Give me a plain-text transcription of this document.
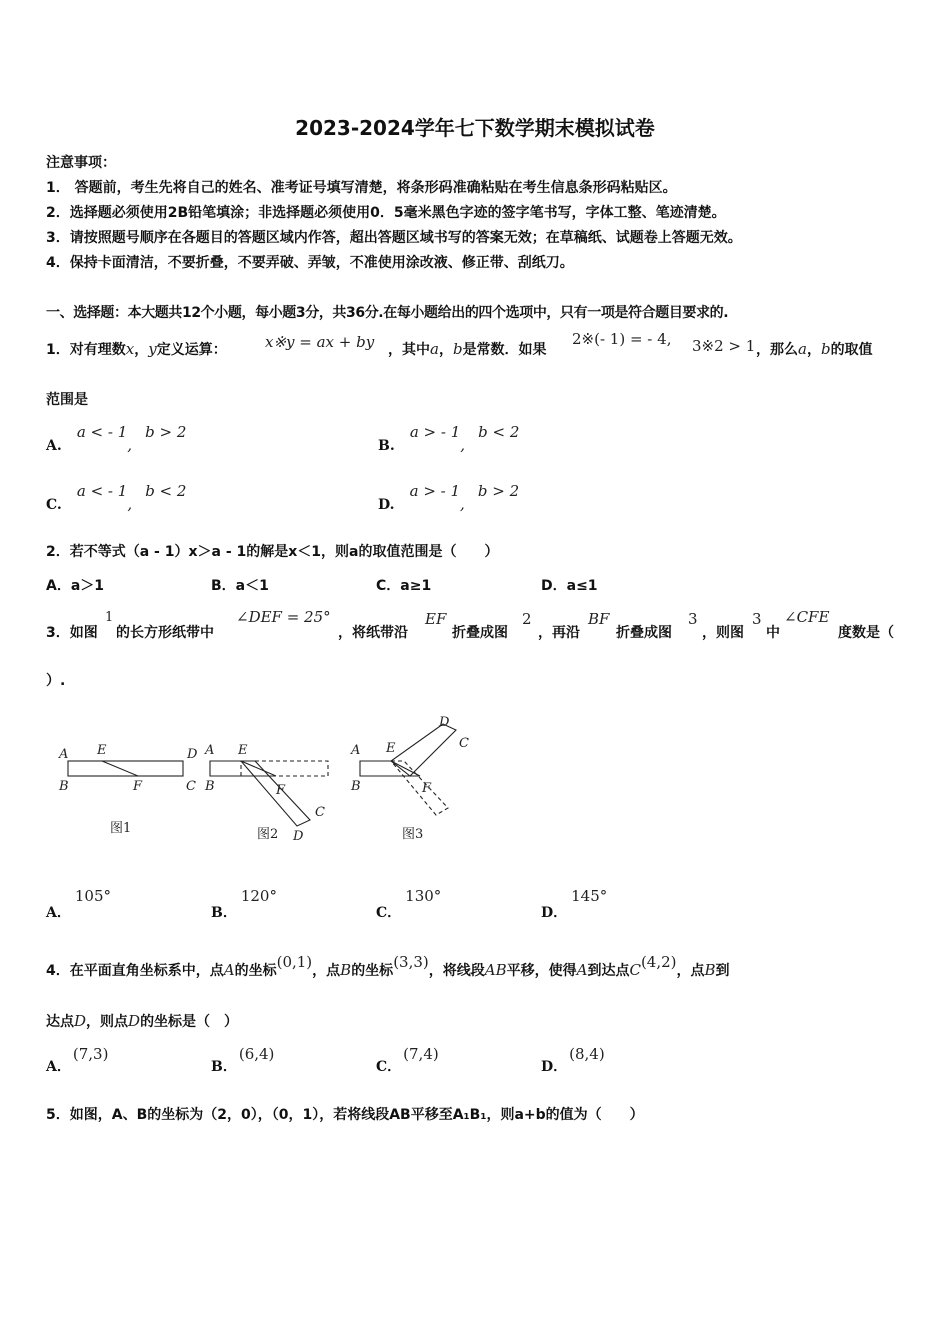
2023-2024学年七下数学期末模拟试卷
注意事项：
1． 答题前，考生先将自己的姓名、准考证号填写清楚，将条形码准确粘贴在考生信息条形码粘贴区。
2．选择题必须使用2B铅笔填涂；非选择题必须使用0．5毫米黑色字迹的签字笔书写，字体工整、笔迹清楚。
3．请按照题号顺序在各题目的答题区域内作答，超出答题区域书写的答案无效；在草稿纸、试题卷上答题无效。
4．保持卡面清洁，不要折叠，不要弄破、弄皱，不准使用涂改液、修正带、刮纸刀。
一、选择题：本大题共12个小题，每小题3分，共36分.在每小题给出的四个选项中，只有一项是符合题目要求的.
1．对有理数x，y定义运算：	x※y = ax + by ，其中a，b是常数．如果
2※(- 1) = - 4, 3※2 > 1 ，那么a，b的取值
范围是
A. a < - 1, b > 2
B. a > - 1, b < 2
C. a < - 1, b < 2
D. a > - 1, b > 2
2．若不等式（a - 1）x＞a - 1的解是x＜1，则a的取值范围是（　　）
A．a＞1	B．a＜1	C．a≥1	D．a≤1
3．如图
1
的长方形纸带中
∠DEF = 25°
，将纸带沿
EF
折叠成图
2
，再沿
BF
折叠成图
3
，则图
3
中
∠CFE
度数是（
）.
A E	D
B	F	C
图1
A E
B	F
C
D
图2
A E
B	F
C
D
图3
A．105°
B．120°
C．130°
D．145°
4．在平面直角坐标系中，点A的坐标(0,1)，点B的坐标(3,3)，将线段AB平移，使得A到达点C(4,2)，点B到
达点D，则点D的坐标是（　）
A．(7,3)
B．(6,4)
C．(7,4)
D．(8,4)
5．如图，A、B的坐标为（2，0），（0，1），若将线段AB平移至A₁B₁，则a+b的值为（　　）
